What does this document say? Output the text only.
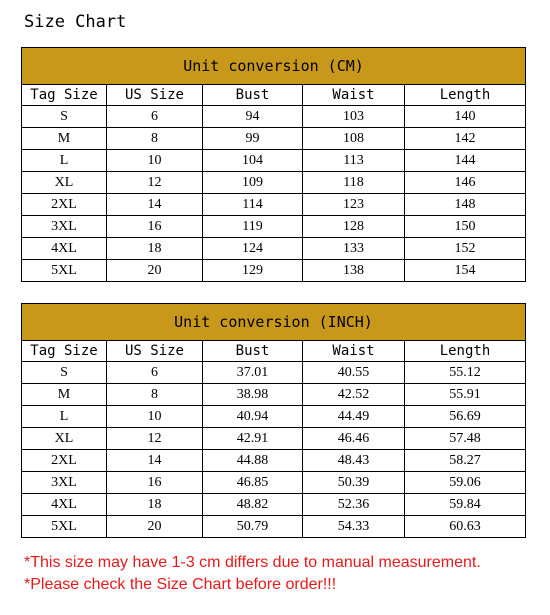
Size Chart
Unit conversion (CM)				
Tag Size	US Size	Bust	Waist	Length
S	6	94	103	140
M	8	99	108	142
L	10	104	113	144
XL	12	109	118	146
2XL	14	114	123	148
3XL	16	119	128	150
4XL	18	124	133	152
5XL	20	129	138	154
Unit conversion (INCH)				
Tag Size	US Size	Bust	Waist	Length
S	6	37.01	40.55	55.12
M	8	38.98	42.52	55.91
L	10	40.94	44.49	56.69
XL	12	42.91	46.46	57.48
2XL	14	44.88	48.43	58.27
3XL	16	46.85	50.39	59.06
4XL	18	48.82	52.36	59.84
5XL	20	50.79	54.33	60.63
*This size may have 1-3 cm differs due to manual measurement.
*Please check the Size Chart before order!!!
